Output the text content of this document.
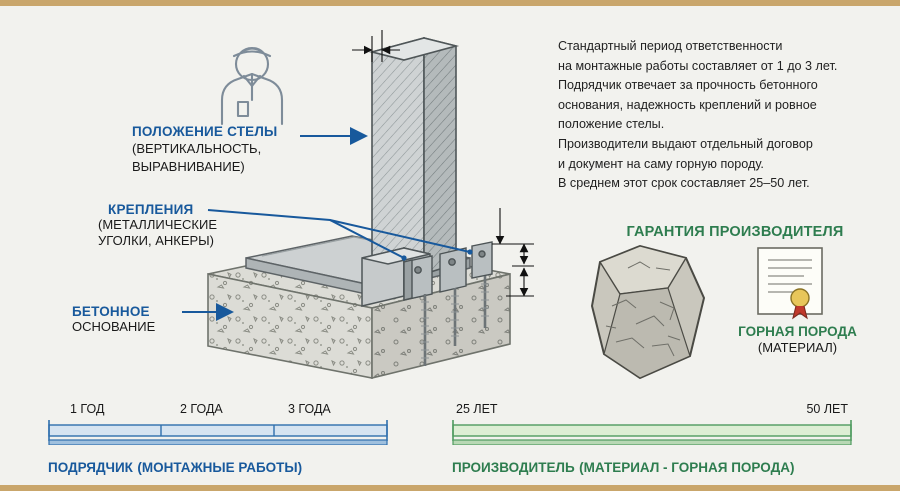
Стандартный период ответственности

на монтажные работы составляет от 1 до 3 лет.

Подрядчик отвечает за прочность бетонного

основания, надежность креплений и ровное

положение стелы.

Производители выдают отдельный договор

и документ на саму горную породу.

В среднем этот срок составляет 25–50 лет.

ПОЛОЖЕНИЕ СТЕЛЫ
(ВЕРТИКАЛЬНОСТЬ,
ВЫРАВНИВАНИЕ)
КРЕПЛЕНИЯ
(МЕТАЛЛИЧЕСКИЕ
УГОЛКИ, АНКЕРЫ)
БЕТОННОЕ
ОСНОВАНИЕ
ГАРАНТИЯ ПРОИЗВОДИТЕЛЯ
ГОРНАЯ ПОРОДА
(МАТЕРИАЛ)
1 ГОД	2 ГОДА	3 ГОДА
ПОДРЯДЧИК (МОНТАЖНЫЕ РАБОТЫ)
25 ЛЕТ	50 ЛЕТ
ПРОИЗВОДИТЕЛЬ (МАТЕРИАЛ - ГОРНАЯ ПОРОДА)
